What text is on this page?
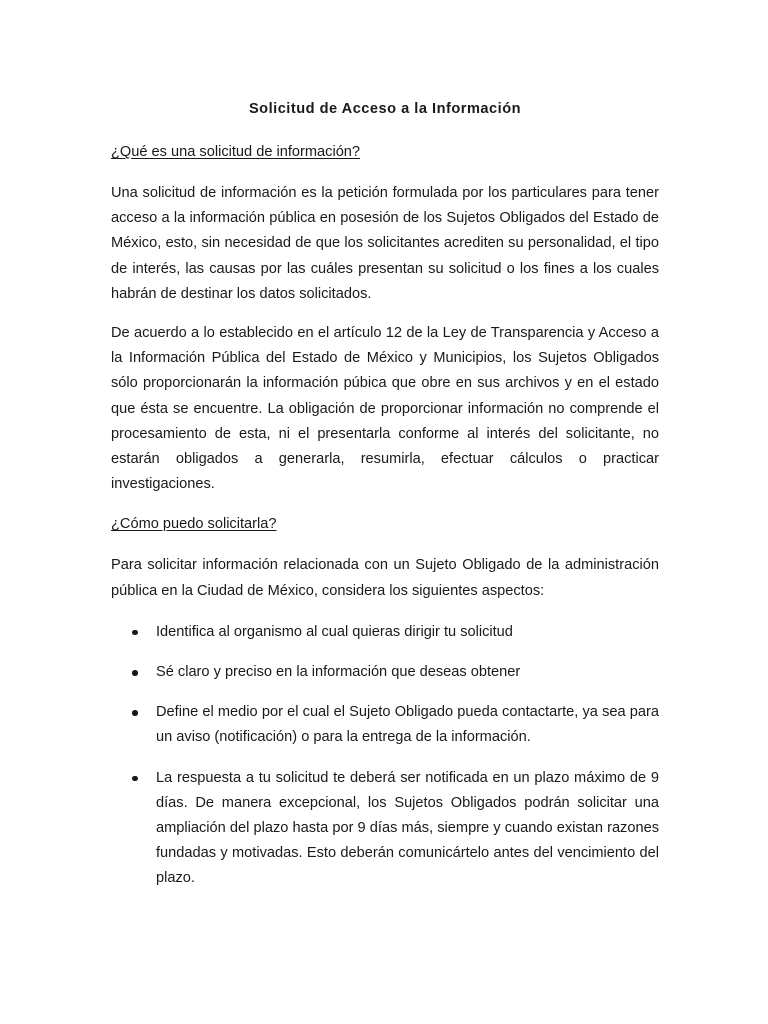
Solicitud de Acceso a la Información
¿Qué es una solicitud de información?

Una solicitud de información es la petición formulada por los particulares para tener acceso a la información pública en posesión de los Sujetos Obligados del Estado de México, esto, sin necesidad de que los solicitantes acrediten su personalidad, el tipo de interés, las causas por las cuáles presentan su solicitud o los fines a los cuales habrán de destinar los datos solicitados.

De acuerdo a lo establecido en el artículo 12 de la Ley de Transparencia y Acceso a la Información Pública del Estado de México y Municipios, los Sujetos Obligados sólo proporcionarán la información púbica que obre en sus archivos y en el estado que ésta se encuentre. La obligación de proporcionar información no comprende el procesamiento de esta, ni el presentarla conforme al interés del solicitante, no estarán obligados a generarla, resumirla, efectuar cálculos o practicar investigaciones.

¿Cómo puedo solicitarla?

Para solicitar información relacionada con un Sujeto Obligado de la administración pública en la Ciudad de México, considera los siguientes aspectos:

Identifica al organismo al cual quieras dirigir tu solicitud
Sé claro y preciso en la información que deseas obtener
Define el medio por el cual el Sujeto Obligado pueda contactarte, ya sea para un aviso (notificación) o para la entrega de la información.
La respuesta a tu solicitud te deberá ser notificada en un plazo máximo de 9 días. De manera excepcional, los Sujetos Obligados podrán solicitar una ampliación del plazo hasta por 9 días más, siempre y cuando existan razones fundadas y motivadas. Esto deberán comunicártelo antes del vencimiento del plazo.
